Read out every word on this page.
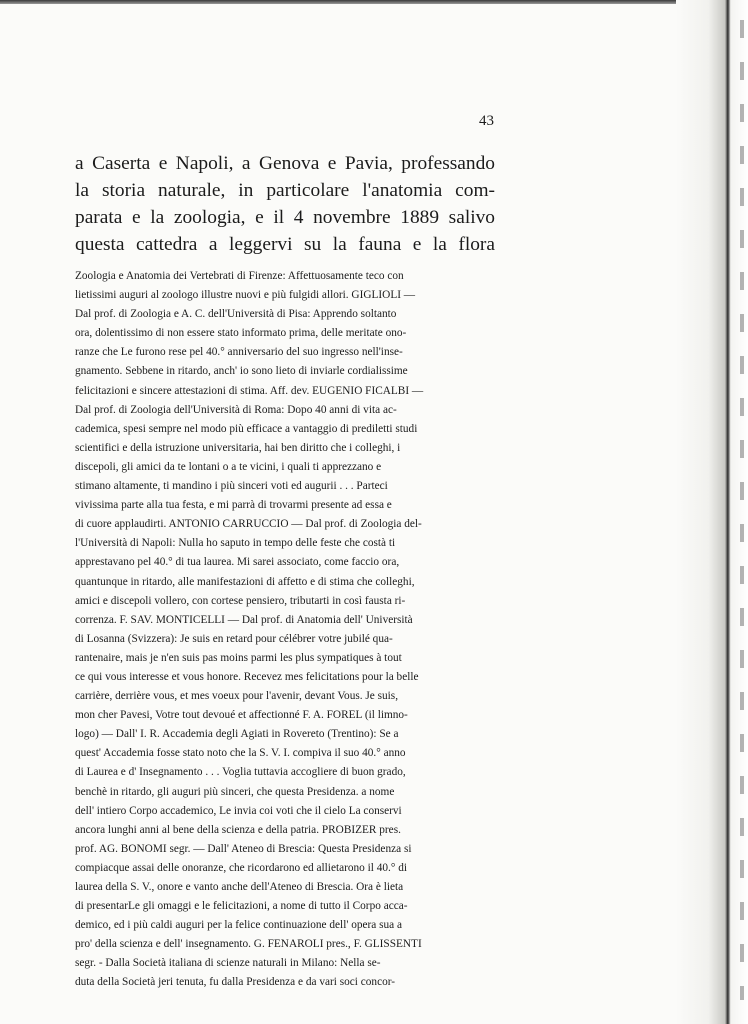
43
a Caserta e Napoli, a Genova e Pavia, professando
la storia naturale, in particolare l'anatomia com-
parata e la zoologia, e il 4 novembre 1889 salivo
questa cattedra a leggervi su la fauna e la flora
Zoologia e Anatomia dei Vertebrati di Firenze: Affettuosamente teco con
lietissimi auguri al zoologo illustre nuovi e più fulgidi allori. GIGLIOLI —
Dal prof. di Zoologia e A. C. dell'Università di Pisa: Apprendo soltanto
ora, dolentissimo di non essere stato informato prima, delle meritate ono-
ranze che Le furono rese pel 40.° anniversario del suo ingresso nell'inse-
gnamento. Sebbene in ritardo, anch' io sono lieto di inviarle cordialissime
felicitazioni e sincere attestazioni di stima. Aff. dev. EUGENIO FICALBI —
Dal prof. di Zoologia dell'Università di Roma: Dopo 40 anni di vita ac-
cademica, spesi sempre nel modo più efficace a vantaggio di prediletti studi
scientifici e della istruzione universitaria, hai ben diritto che i colleghi, i
discepoli, gli amici da te lontani o a te vicini, i quali ti apprezzano e
stimano altamente, ti mandino i più sinceri voti ed augurii . . . Parteci
vivissima parte alla tua festa, e mi parrà di trovarmi presente ad essa e
di cuore applaudirti. ANTONIO CARRUCCIO — Dal prof. di Zoologia del-
l'Università di Napoli: Nulla ho saputo in tempo delle feste che costà ti
apprestavano pel 40.° di tua laurea. Mi sarei associato, come faccio ora,
quantunque in ritardo, alle manifestazioni di affetto e di stima che colleghi,
amici e discepoli vollero, con cortese pensiero, tributarti in così fausta ri-
correnza. F. SAV. MONTICELLI — Dal prof. di Anatomia dell' Università
di Losanna (Svizzera): Je suis en retard pour célébrer votre jubilé qua-
rantenaire, mais je n'en suis pas moins parmi les plus sympatiques à tout
ce qui vous interesse et vous honore. Recevez mes felicitations pour la belle
carrière, derrière vous, et mes voeux pour l'avenir, devant Vous. Je suis,
mon cher Pavesi, Votre tout devoué et affectionné F. A. FOREL (il limno-
logo) — Dall' I. R. Accademia degli Agiati in Rovereto (Trentino): Se a
quest' Accademia fosse stato noto che la S. V. I. compiva il suo 40.° anno
di Laurea e d' Insegnamento . . . Voglia tuttavia accogliere di buon grado,
benchè in ritardo, gli auguri più sinceri, che questa Presidenza. a nome
dell' intiero Corpo accademico, Le invia coi voti che il cielo La conservi
ancora lunghi anni al bene della scienza e della patria. PROBIZER pres.
prof. AG. BONOMI segr. — Dall' Ateneo di Brescia: Questa Presidenza si
compiacque assai delle onoranze, che ricordarono ed allietarono il 40.° di
laurea della S. V., onore e vanto anche dell'Ateneo di Brescia. Ora è lieta
di presentarLe gli omaggi e le felicitazioni, a nome di tutto il Corpo acca-
demico, ed i più caldi auguri per la felice continuazione dell' opera sua a
pro' della scienza e dell' insegnamento. G. FENAROLI pres., F. GLISSENTI
segr. - Dalla Società italiana di scienze naturali in Milano: Nella se-
duta della Società jeri tenuta, fu dalla Presidenza e da vari soci concor-
